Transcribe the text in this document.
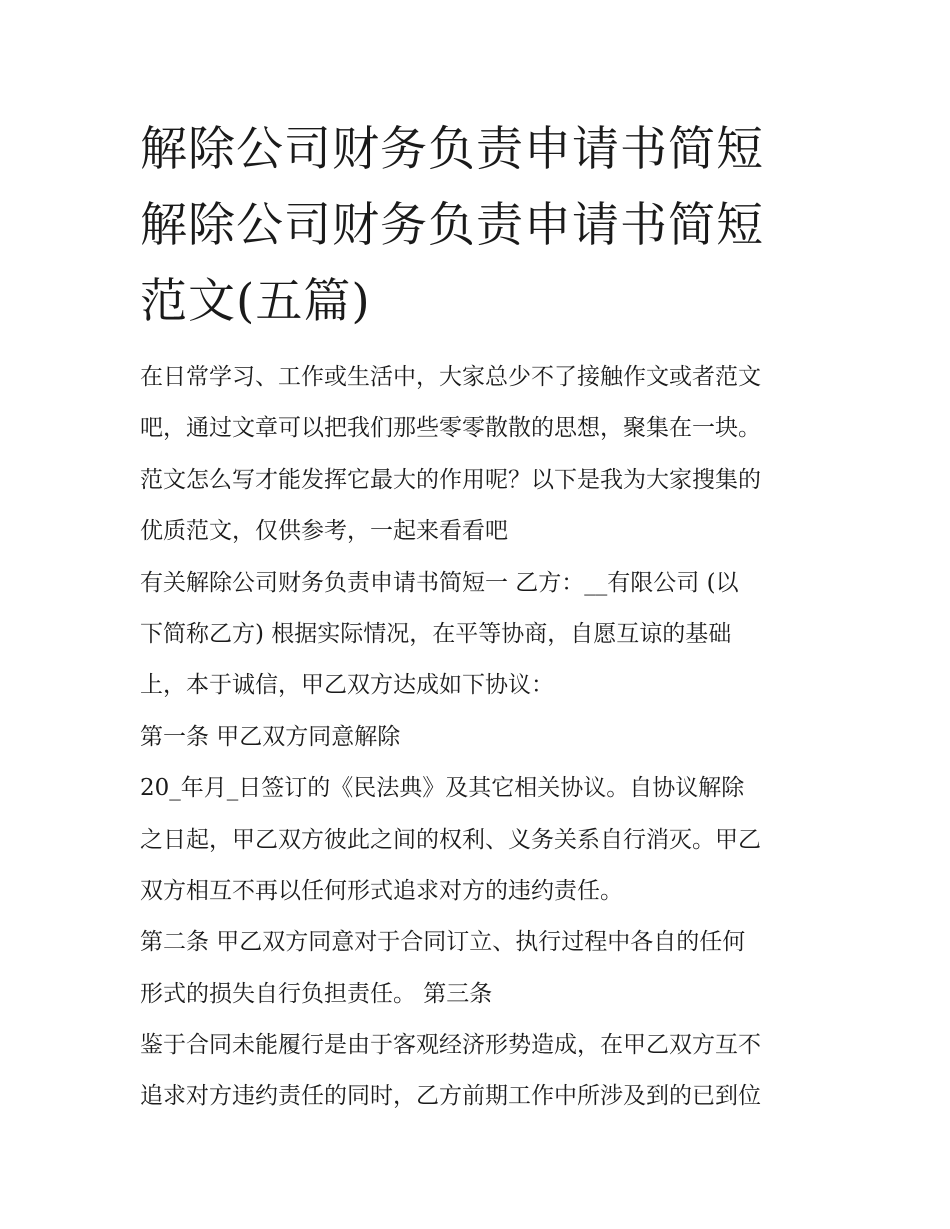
解除公司财务负责申请书简短
解除公司财务负责申请书简短
范文(五篇)
在日常学习、工作或生活中，大家总少不了接触作文或者范文
吧，通过文章可以把我们那些零零散散的思想，聚集在一块。
范文怎么写才能发挥它最大的作用呢？以下是我为大家搜集的
优质范文，仅供参考，一起来看看吧
有关解除公司财务负责申请书简短一 乙方：__有限公司 (以
下简称乙方) 根据实际情况，在平等协商，自愿互谅的基础
上，本于诚信，甲乙双方达成如下协议：
第一条 甲乙双方同意解除
20_年月_日签订的《民法典》及其它相关协议。自协议解除
之日起，甲乙双方彼此之间的权利、义务关系自行消灭。甲乙
双方相互不再以任何形式追求对方的违约责任。
第二条 甲乙双方同意对于合同订立、执行过程中各自的任何
形式的损失自行负担责任。 第三条
鉴于合同未能履行是由于客观经济形势造成，在甲乙双方互不
追求对方违约责任的同时，乙方前期工作中所涉及到的已到位
